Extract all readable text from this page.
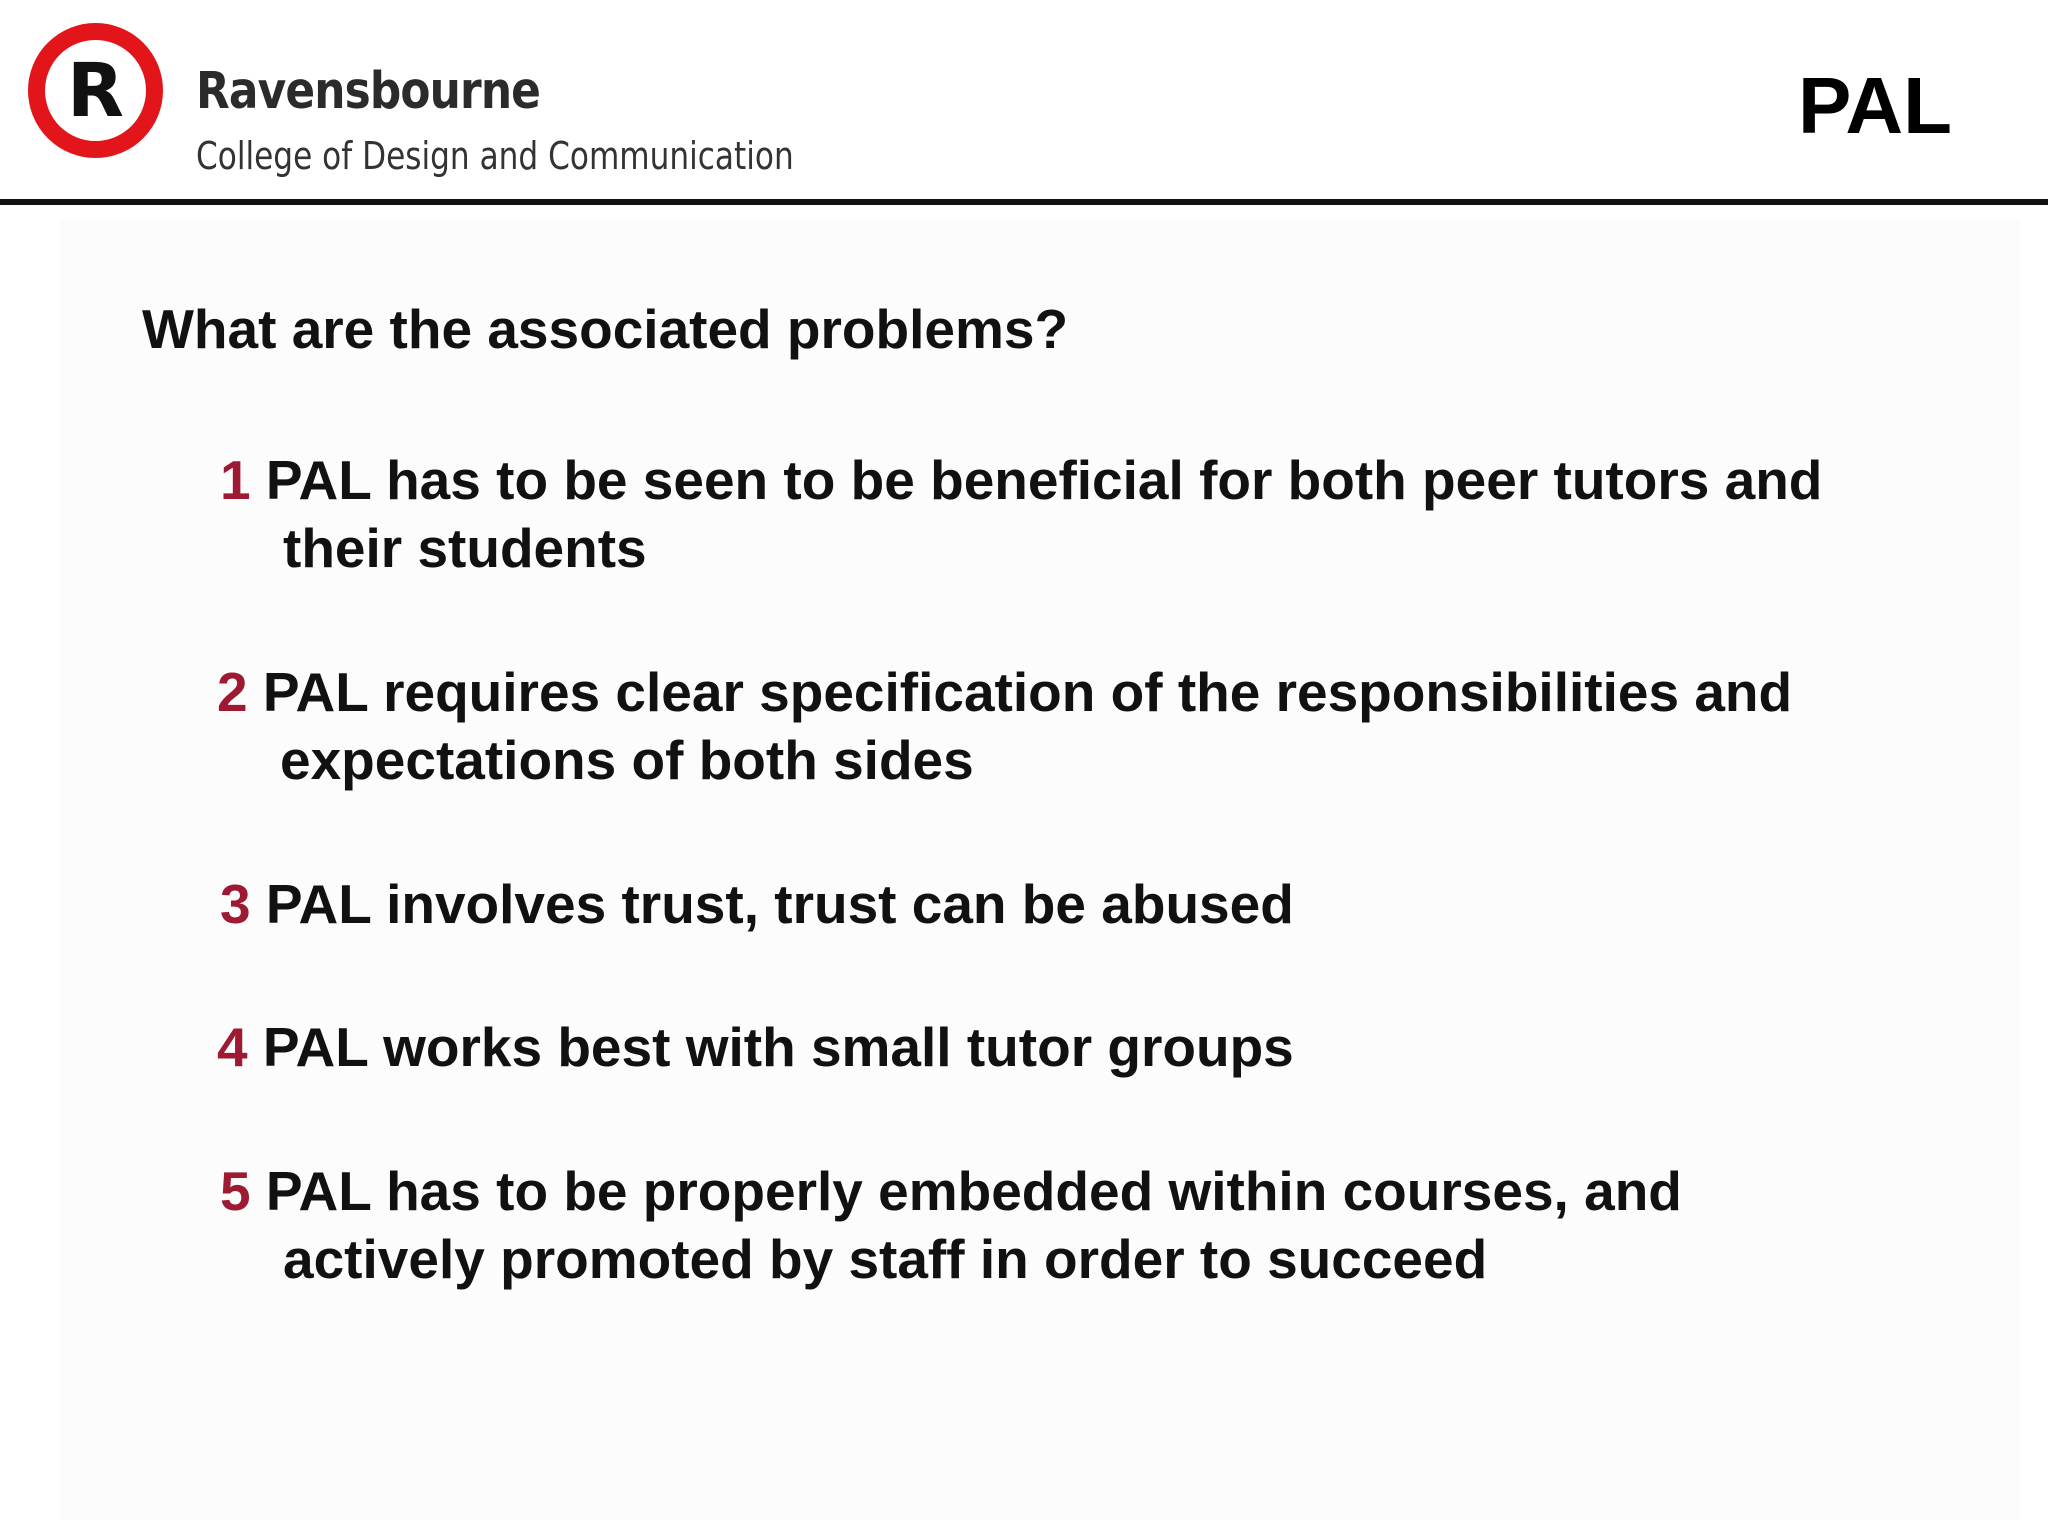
R Ravensbourne
College of Design and Communication
PAL
What are the associated problems?
1 PAL has to be seen to be beneficial for both peer tutors and
their students
2 PAL requires clear specification of the responsibilities and
expectations of both sides
3 PAL involves trust, trust can be abused
4 PAL works best with small tutor groups
5 PAL has to be properly embedded within courses, and
actively promoted by staff in order to succeed
